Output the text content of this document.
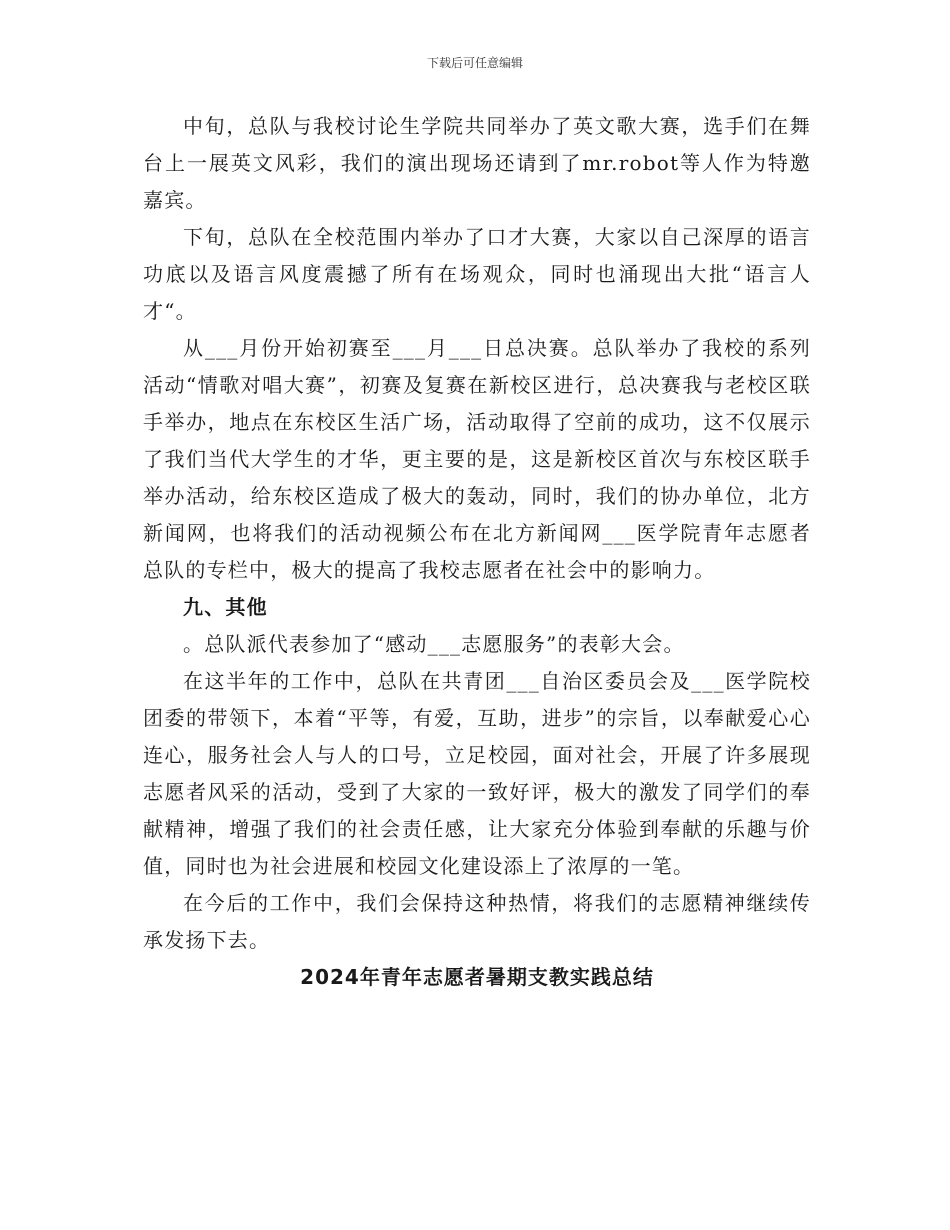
下载后可任意编辑

中旬，总队与我校讨论生学院共同举办了英文歌大赛，选手们在舞台上一展英文风彩，我们的演出现场还请到了mr.robot等人作为特邀嘉宾。

下旬，总队在全校范围内举办了口才大赛，大家以自己深厚的语言功底以及语言风度震撼了所有在场观众，同时也涌现出大批“语言人才“。

从___月份开始初赛至___月___日总决赛。总队举办了我校的系列活动“情歌对唱大赛”，初赛及复赛在新校区进行，总决赛我与老校区联手举办，地点在东校区生活广场，活动取得了空前的成功，这不仅展示了我们当代大学生的才华，更主要的是，这是新校区首次与东校区联手举办活动，给东校区造成了极大的轰动，同时，我们的协办单位，北方新闻网，也将我们的活动视频公布在北方新闻网___医学院青年志愿者总队的专栏中，极大的提高了我校志愿者在社会中的影响力。

九、其他

。总队派代表参加了“感动___志愿服务”的表彰大会。

在这半年的工作中，总队在共青团___自治区委员会及___医学院校团委的带领下，本着“平等，有爱，互助，进步”的宗旨，以奉献爱心心连心，服务社会人与人的口号，立足校园，面对社会，开展了许多展现志愿者风采的活动，受到了大家的一致好评，极大的激发了同学们的奉献精神，增强了我们的社会责任感，让大家充分体验到奉献的乐趣与价值，同时也为社会进展和校园文化建设添上了浓厚的一笔。

在今后的工作中，我们会保持这种热情，将我们的志愿精神继续传承发扬下去。

2024年青年志愿者暑期支教实践总结
